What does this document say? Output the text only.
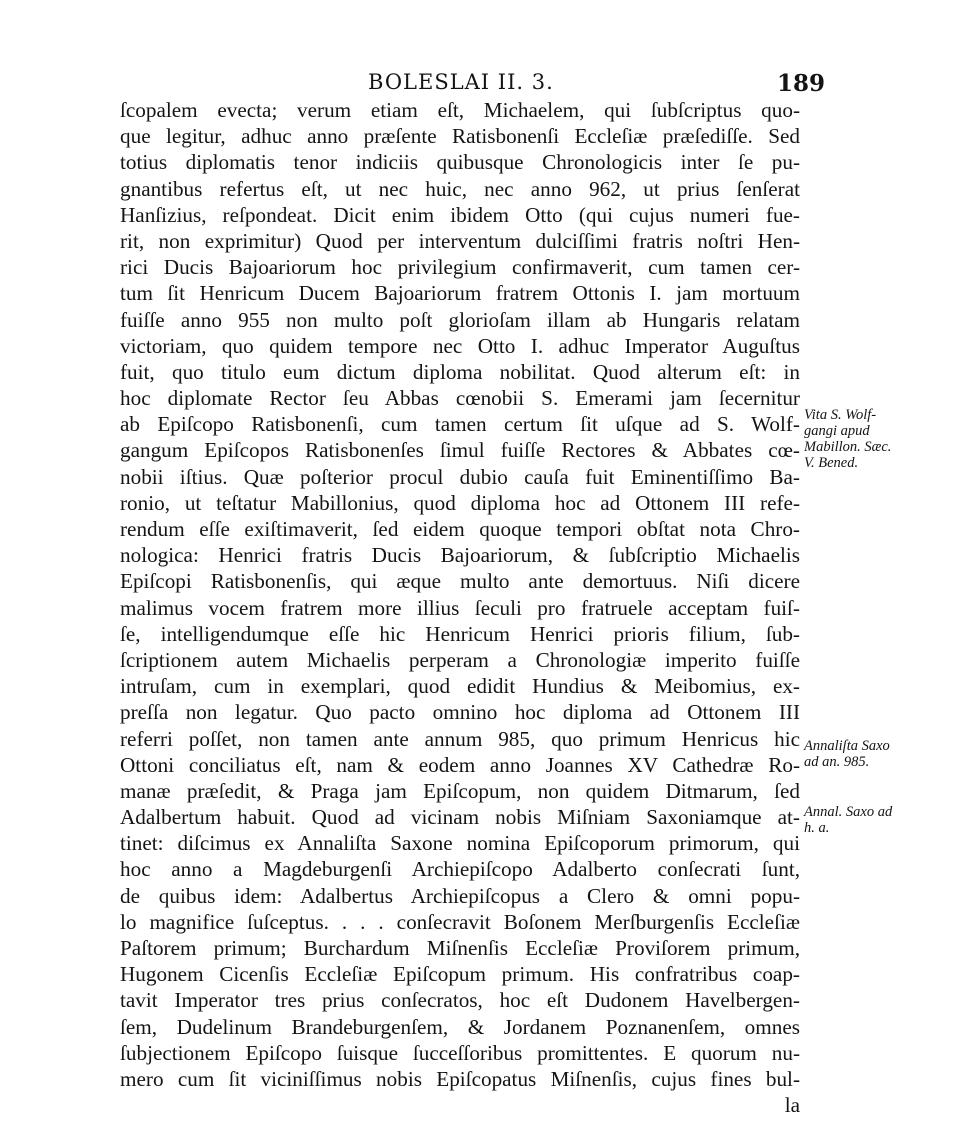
BOLESLAI II. 3.	189
ſcopalem evecta; verum etiam eſt, Michaelem, qui ſubſcriptus quo-
que legitur, adhuc anno præſente Ratisbonenſi Eccleſiæ præſediſſe. Sed
totius diplomatis tenor indiciis quibusque Chronologicis inter ſe pu-
gnantibus refertus eſt, ut nec huic, nec anno 962, ut prius ſenſerat
Hanſizius, reſpondeat. Dicit enim ibidem Otto (qui cujus numeri fue-
rit, non exprimitur) Quod per interventum dulciſſimi fratris noſtri Hen-
rici Ducis Bajoariorum hoc privilegium confirmaverit, cum tamen cer-
tum ſit Henricum Ducem Bajoariorum fratrem Ottonis I. jam mortuum
fuiſſe anno 955 non multo poſt glorioſam illam ab Hungaris relatam
victoriam, quo quidem tempore nec Otto I. adhuc Imperator Auguſtus
fuit, quo titulo eum dictum diploma nobilitat. Quod alterum eſt: in
hoc diplomate Rector ſeu Abbas cœnobii S. Emerami jam ſecernitur
ab Epiſcopo Ratisbonenſi, cum tamen certum ſit uſque ad S. Wolf-
gangum Epiſcopos Ratisbonenſes ſimul fuiſſe Rectores & Abbates cœ-
nobii iſtius. Quæ poſterior procul dubio cauſa fuit Eminentiſſimo Ba-
ronio, ut teſtatur Mabillonius, quod diploma hoc ad Ottonem III refe-
rendum eſſe exiſtimaverit, ſed eidem quoque tempori obſtat nota Chro-
nologica: Henrici fratris Ducis Bajoariorum, & ſubſcriptio Michaelis
Epiſcopi Ratisbonenſis, qui æque multo ante demortuus. Niſi dicere
malimus vocem fratrem more illius ſeculi pro fratruele acceptam fuiſ-
ſe, intelligendumque eſſe hic Henricum Henrici prioris filium, ſub-
ſcriptionem autem Michaelis perperam a Chronologiæ imperito fuiſſe
intruſam, cum in exemplari, quod edidit Hundius & Meibomius, ex-
preſſa non legatur. Quo pacto omnino hoc diploma ad Ottonem III
referri poſſet, non tamen ante annum 985, quo primum Henricus hic
Ottoni conciliatus eſt, nam & eodem anno Joannes XV Cathedræ Ro-
manæ præſedit, & Praga jam Epiſcopum, non quidem Ditmarum, ſed
Adalbertum habuit. Quod ad vicinam nobis Miſniam Saxoniamque at-
tinet: diſcimus ex Annaliſta Saxone nomina Epiſcoporum primorum, qui
hoc anno a Magdeburgenſi Archiepiſcopo Adalberto conſecrati ſunt,
de quibus idem: Adalbertus Archiepiſcopus a Clero & omni popu-
lo magnifice ſuſceptus. . . . conſecravit Boſonem Merſburgenſis Eccleſiæ
Paſtorem primum; Burchardum Miſnenſis Eccleſiæ Proviſorem primum,
Hugonem Cicenſis Eccleſiæ Epiſcopum primum. His confratribus coap-
tavit Imperator tres prius conſecratos, hoc eſt Dudonem Havelbergen-
ſem, Dudelinum Brandeburgenſem, & Jordanem Poznanenſem, omnes
ſubjectionem Epiſcopo ſuisque ſucceſſoribus promittentes. E quorum nu-
mero cum ſit viciniſſimus nobis Epiſcopatus Miſnenſis, cujus fines bul-
la
Vita S. Wolf-
gangi apud
Mabillon. Sæc.
V. Bened.
Annaliſta Saxo
ad an. 985.
Annal. Saxo ad
h. a.
